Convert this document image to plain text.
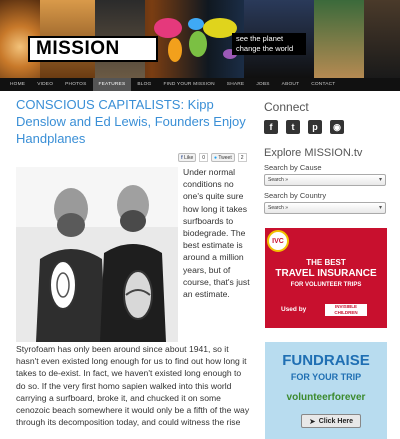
MISSION	see the planet
change the world
HOME	VIDEO	PHOTOS	FEATURES	BLOG	FIND YOUR MISSION	SHARE	JOBS	ABOUT	CONTACT
CONSCIOUS CAPITALISTS: Kipp Denslow and Ed Lewis, Founders Enjoy Handplanes
f Like	0	● Tweet	2
Under normal conditions no one's quite sure how long it takes surfboards to biodegrade. The best estimate is around a million years, but of course, that's just an estimate.
Styrofoam has only been around since about 1941, so it hasn't even existed long enough for us to find out how long it takes to de-exist. In fact, we haven't existed long enough to do so. If the very first homo sapien walked into this world carrying a surfboard, broke it, and chucked it on some cenozoic beach somewhere it would only be a fifth of the way through its decomposition today, and could witness the rise
Connect
f	t	p	◉
Explore MISSION.tv
Search by Cause
Search »	▾
Search by Country
Search »	▾
IVC
THE BEST
TRAVEL INSURANCE
FOR VOLUNTEER TRIPS
Used by	INVISIBLE CHILDREN
FUNDRAISE
FOR YOUR TRIP
volunteerforever
➤ Click Here
